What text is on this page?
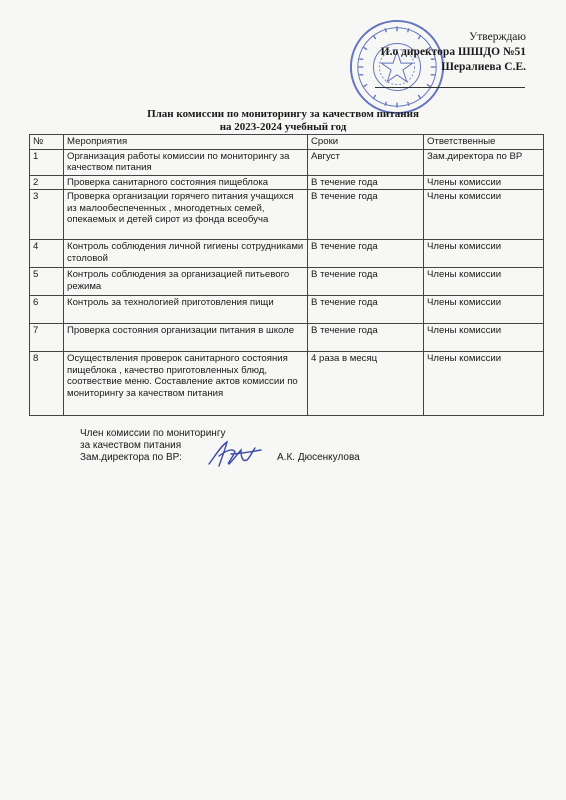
Утверждаю
И.о директора ШШДО №51
Шералиева С.Е.
План комиссии по мониторингу за качеством питания
на 2023-2024 учебный год
№	Мероприятия	Сроки	Ответственные
1	Организация работы комиссии по мониторингу за качеством питания	Август	Зам.директора по ВР
2	Проверка санитарного состояния пищеблока	В течение года	Члены комиссии
3	Проверка организации горячего питания учащихся из малообеспеченных , многодетных семей, опекаемых и детей сирот из фонда всеобуча	В течение года	Члены комиссии
4	Контроль соблюдения личной гигиены сотрудниками столовой	В течение года	Члены комиссии
5	Контроль соблюдения за организацией питьевого режима	В течение года	Члены комиссии
6	Контроль за технологией приготовления пищи	В течение года	Члены комиссии
7	Проверка состояния организации питания в школе	В течение года	Члены комиссии
8	Осуществления проверок санитарного состояния пищеблока , качество приготовленных блюд, соотвествие меню. Составление актов комиссии по мониторингу за качеством питания	4 раза в месяц	Члены комиссии
Член комиссии по мониторингу
за качеством питания
Зам.директора по ВР:	А.К. Дюсенкулова
